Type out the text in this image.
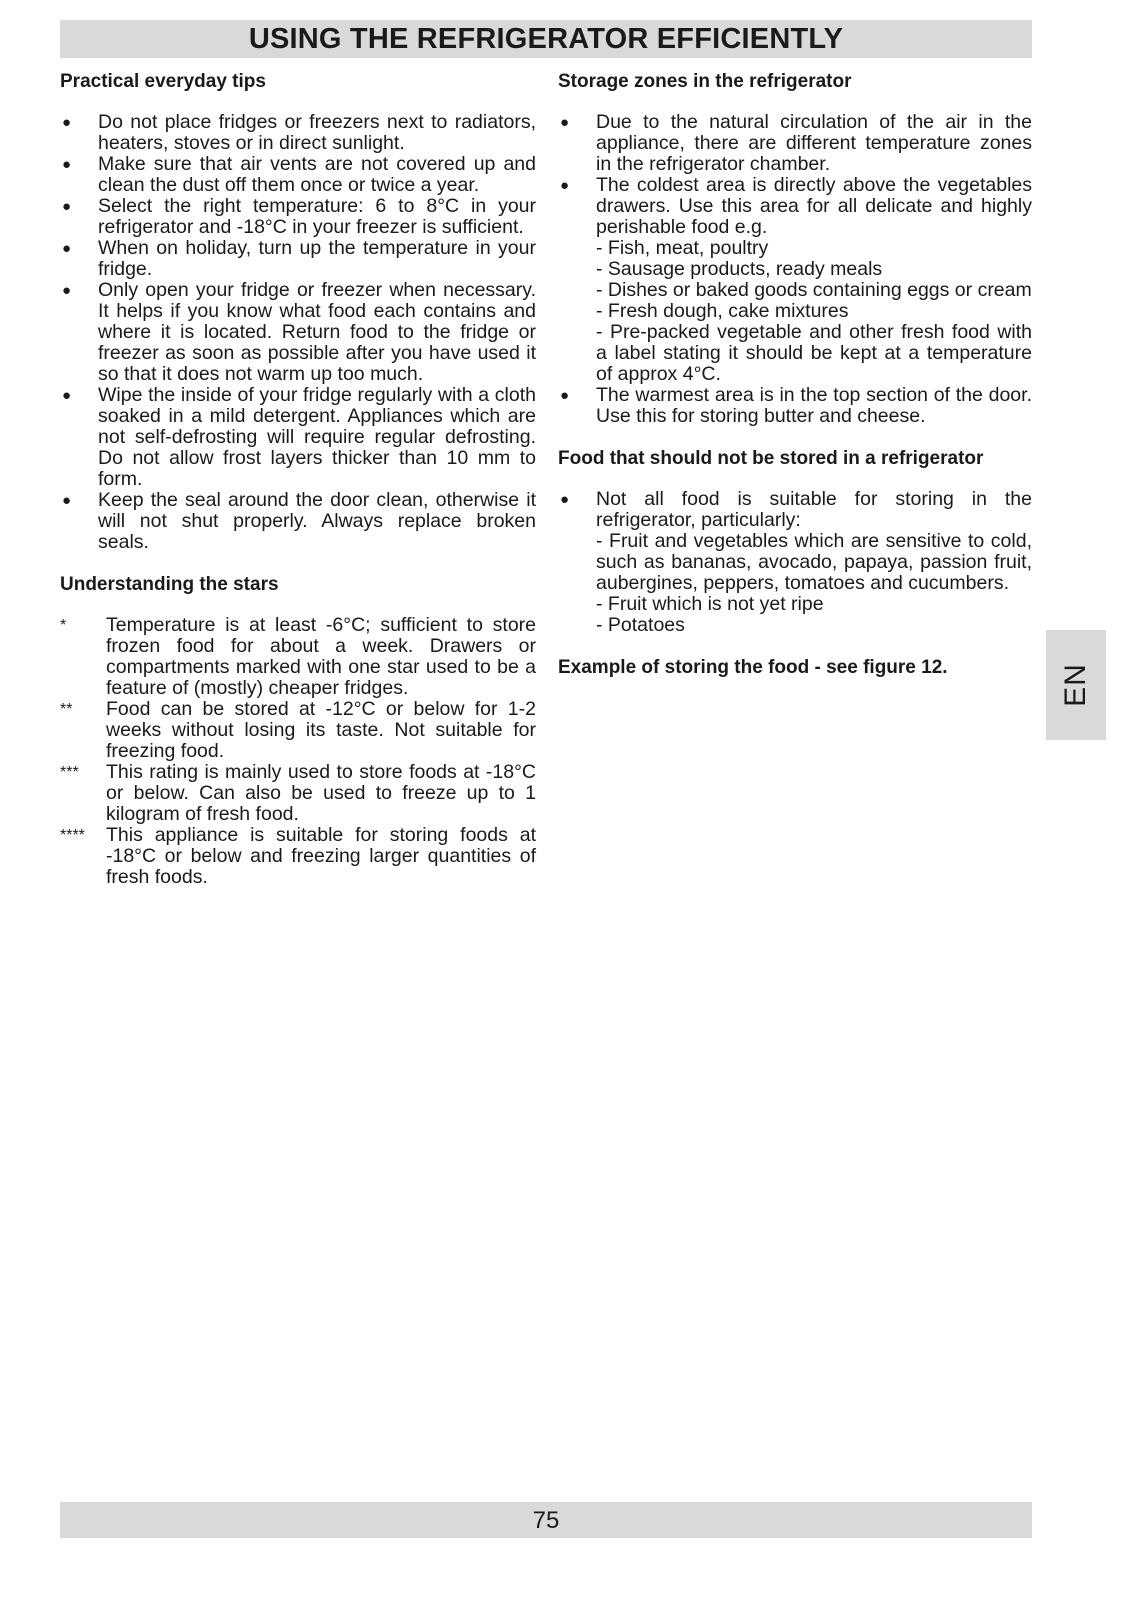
USING THE REFRIGERATOR EFFICIENTLY
Practical everyday tips
● Do not place fridges or freezers next to radiators, heaters, stoves or in direct sunlight.
● Make sure that air vents are not covered up and clean the dust off them once or twice a year.
● Select the right temperature: 6 to 8°C in your refrigerator and -18°C in your freezer is sufficient.
● When on holiday, turn up the temperature in your fridge.
● Only open your fridge or freezer when necessary. It helps if you know what food each contains and where it is located. Return food to the fridge or freezer as soon as possible after you have used it so that it does not warm up too much.
● Wipe the inside of your fridge regularly with a cloth soaked in a mild detergent. Appliances which are not self-defrosting will require regular defrosting. Do not allow frost layers thicker than 10 mm to form.
● Keep the seal around the door clean, otherwise it will not shut properly. Always replace broken seals.
Understanding the stars
* Temperature is at least -6°C; sufficient to store frozen food for about a week. Drawers or compartments marked with one star used to be a feature of (mostly) cheaper fridges.
** Food can be stored at -12°C or below for 1-2 weeks without losing its taste. Not suitable for freezing food.
*** This rating is mainly used to store foods at -18°C or below. Can also be used to freeze up to 1 kilogram of fresh food.
**** This appliance is suitable for storing foods at -18°C or below and freezing larger quantities of fresh foods.
Storage zones in the refrigerator
● Due to the natural circulation of the air in the appliance, there are different temperature zones in the refrigerator chamber.
● The coldest area is directly above the vegetables drawers. Use this area for all delicate and highly perishable food e.g.
- Fish, meat, poultry
- Sausage products, ready meals
- Dishes or baked goods containing eggs or cream
- Fresh dough, cake mixtures
- Pre-packed vegetable and other fresh food with a label stating it should be kept at a temperature of approx 4°C.
● The warmest area is in the top section of the door. Use this for storing butter and cheese.
Food that should not be stored in a refrigerator
● Not all food is suitable for storing in the refrigerator, particularly:
- Fruit and vegetables which are sensitive to cold, such as bananas, avocado, papaya, passion fruit, aubergines, peppers, tomatoes and cucumbers.
- Fruit which is not yet ripe
- Potatoes
Example of storing the food - see figure 12.	EN
75
